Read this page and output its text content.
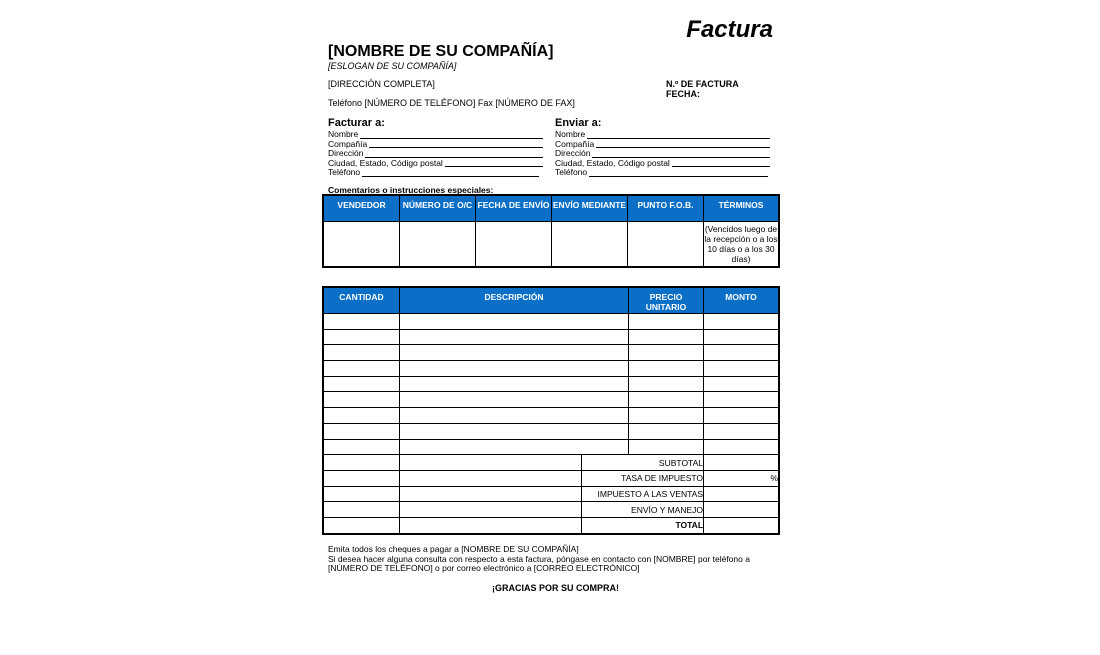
Factura
[NOMBRE DE SU COMPAÑÍA]
[ESLOGAN DE SU COMPAÑÍA]
[DIRECCIÓN COMPLETA]
Teléfono [NÚMERO DE TELÉFONO] Fax [NÚMERO DE FAX]
N.º DE FACTURA
FECHA:
Facturar a:
Nombre
Compañía
Dirección
Ciudad, Estado, Código postal
Teléfono
Enviar a:
Nombre
Compañía
Dirección
Ciudad, Estado, Código postal
Teléfono
Comentarios o instrucciones especiales:
VENDEDOR	NÚMERO DE O/C	FECHA DE ENVÍO	ENVÍO MEDIANTE	PUNTO F.O.B.	TÉRMINOS
					(Vencidos luego de la recepción o a los 10 días o a los 30 días)
CANTIDAD	DESCRIPCIÓN		PRECIO UNITARIO	MONTO

		SUBTOTAL		
		TASA DE IMPUESTO		%
		IMPUESTO A LAS VENTAS		
		ENVÍO Y MANEJO		
		TOTAL		
Emita todos los cheques a pagar a [NOMBRE DE SU COMPAÑÍA]
Si desea hacer alguna consulta con respecto a esta factura, póngase en contacto con [NOMBRE] por teléfono a
[NÚMERO DE TELÉFONO] o por correo electrónico a [CORREO ELECTRÓNICO]
¡GRACIAS POR SU COMPRA!
